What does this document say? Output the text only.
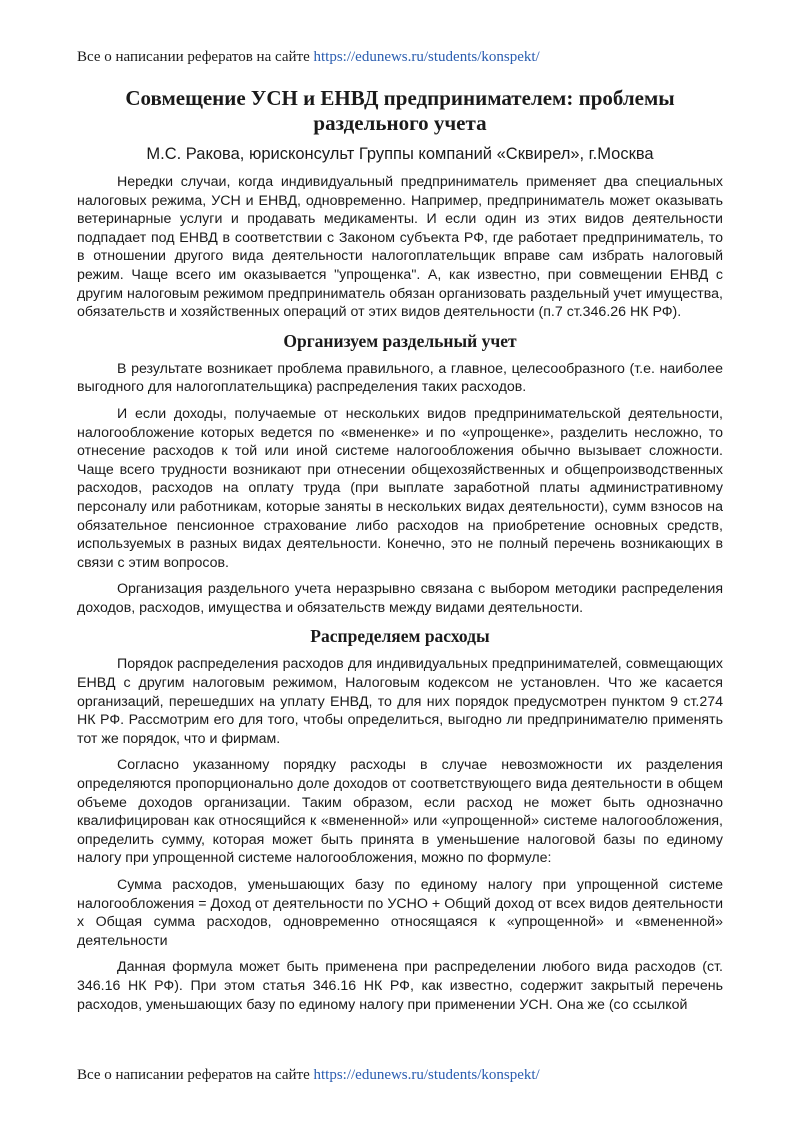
Все о написании рефератов на сайте https://edunews.ru/students/konspekt/
Совмещение УСН и ЕНВД предпринимателем: проблемы
раздельного учета

М.С. Ракова, юрисконсульт Группы компаний «Сквирел», г.Москва

Нередки случаи, когда индивидуальный предприниматель применяет два специальных налоговых режима, УСН и ЕНВД, одновременно. Например, предприниматель может оказывать ветеринарные услуги и продавать медикаменты. И если один из этих видов деятельности подпадает под ЕНВД в соответствии с Законом субъекта РФ, где работает предприниматель, то в отношении другого вида деятельности налогоплательщик вправе сам избрать налоговый режим. Чаще всего им оказывается "упрощенка". А, как известно, при совмещении ЕНВД с другим налоговым режимом предприниматель обязан организовать раздельный учет имущества, обязательств и хозяйственных операций от этих видов деятельности (п.7 ст.346.26 НК РФ).

Организуем раздельный учет

В результате возникает проблема правильного, а главное, целесообразного (т.е. наиболее выгодного для налогоплательщика) распределения таких расходов.

И если доходы, получаемые от нескольких видов предпринимательской деятельности, налогообложение которых ведется по «вмененке» и по «упрощенке», разделить несложно, то отнесение расходов к той или иной системе налогообложения обычно вызывает сложности. Чаще всего трудности возникают при отнесении общехозяйственных и общепроизводственных расходов, расходов на оплату труда (при выплате заработной платы административному персоналу или работникам, которые заняты в нескольких видах деятельности), сумм взносов на обязательное пенсионное страхование либо расходов на приобретение основных средств, используемых в разных видах деятельности. Конечно, это не полный перечень возникающих в связи с этим вопросов.

Организация раздельного учета неразрывно связана с выбором методики распределения доходов, расходов, имущества и обязательств между видами деятельности.

Распределяем расходы

Порядок распределения расходов для индивидуальных предпринимателей, совмещающих ЕНВД с другим налоговым режимом, Налоговым кодексом не установлен. Что же касается организаций, перешедших на уплату ЕНВД, то для них порядок предусмотрен пунктом 9 ст.274 НК РФ. Рассмотрим его для того, чтобы определиться, выгодно ли предпринимателю применять тот же порядок, что и фирмам.

Согласно указанному порядку расходы в случае невозможности их разделения определяются пропорционально доле доходов от соответствующего вида деятельности в общем объеме доходов организации. Таким образом, если расход не может быть однозначно квалифицирован как относящийся к «вмененной» или «упрощенной» системе налогообложения, определить сумму, которая может быть принята в уменьшение налоговой базы по единому налогу при упрощенной системе налогообложения, можно по формуле:

Сумма расходов, уменьшающих базу по единому налогу при упрощенной системе налогообложения = Доход от деятельности по УСНО + Общий доход от всех видов деятельности x Общая сумма расходов, одновременно относящаяся к «упрощенной» и «вмененной» деятельности

Данная формула может быть применена при распределении любого вида расходов (ст. 346.16 НК РФ). При этом статья 346.16 НК РФ, как известно, содержит закрытый перечень расходов, уменьшающих базу по единому налогу при применении УСН. Она же (со ссылкой

Все о написании рефератов на сайте https://edunews.ru/students/konspekt/
